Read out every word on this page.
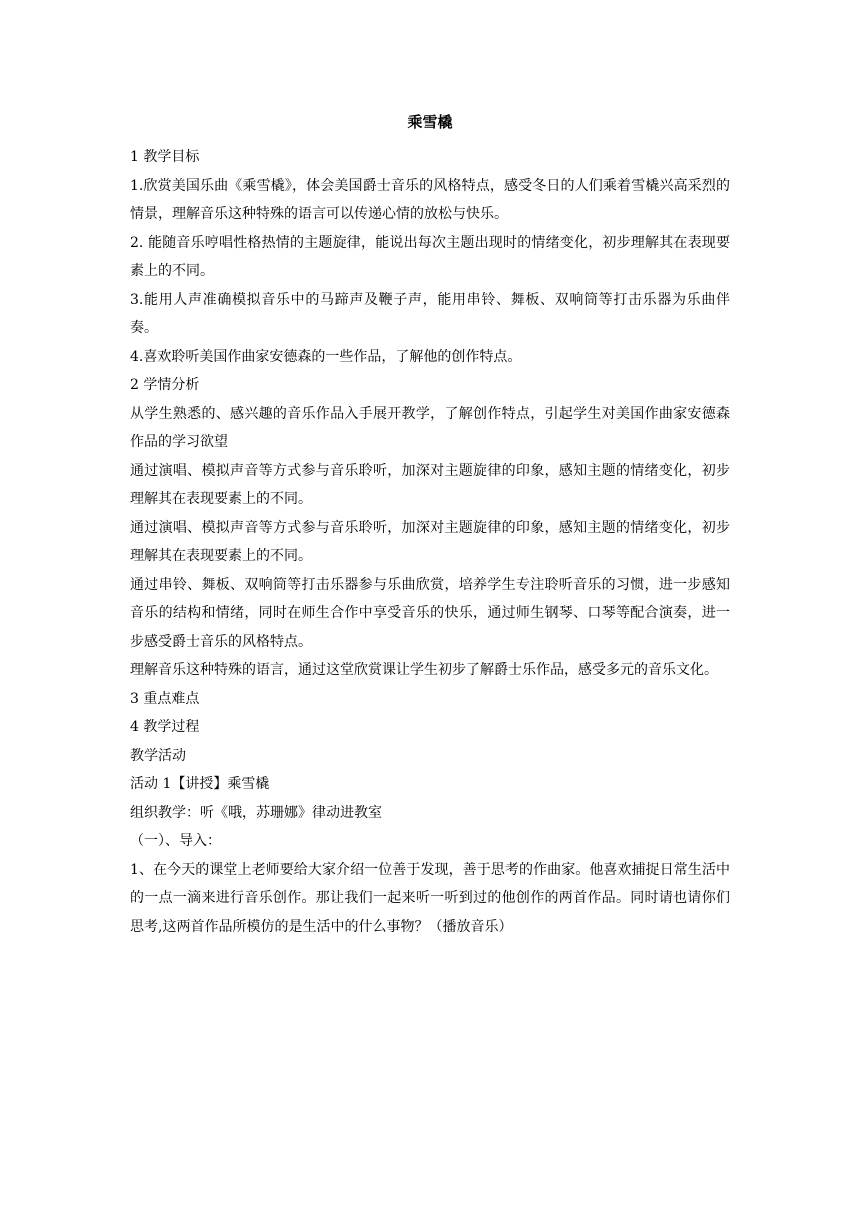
乘雪橇

1 教学目标

1.欣赏美国乐曲《乘雪橇》，体会美国爵士音乐的风格特点，感受冬日的人们乘着雪橇兴高采烈的情景，理解音乐这种特殊的语言可以传递心情的放松与快乐。

2. 能随音乐哼唱性格热情的主题旋律，能说出每次主题出现时的情绪变化，初步理解其在表现要素上的不同。

3.能用人声准确模拟音乐中的马蹄声及鞭子声，能用串铃、舞板、双响筒等打击乐器为乐曲伴奏。

4.喜欢聆听美国作曲家安德森的一些作品，了解他的创作特点。

2 学情分析

从学生熟悉的、感兴趣的音乐作品入手展开教学，了解创作特点，引起学生对美国作曲家安德森作品的学习欲望

通过演唱、模拟声音等方式参与音乐聆听，加深对主题旋律的印象，感知主题的情绪变化，初步理解其在表现要素上的不同。

通过演唱、模拟声音等方式参与音乐聆听，加深对主题旋律的印象，感知主题的情绪变化，初步理解其在表现要素上的不同。

通过串铃、舞板、双响筒等打击乐器参与乐曲欣赏，培养学生专注聆听音乐的习惯，进一步感知音乐的结构和情绪，同时在师生合作中享受音乐的快乐，通过师生钢琴、口琴等配合演奏，进一步感受爵士音乐的风格特点。

理解音乐这种特殊的语言，通过这堂欣赏课让学生初步了解爵士乐作品，感受多元的音乐文化。

3 重点难点

4 教学过程

教学活动

活动 1【讲授】乘雪橇

组织教学：听《哦，苏珊娜》律动进教室

（一）、导入：

1、在今天的课堂上老师要给大家介绍一位善于发现，善于思考的作曲家。他喜欢捕捉日常生活中的一点一滴来进行音乐创作。那让我们一起来听一听到过的他创作的两首作品。同时请也请你们思考,这两首作品所模仿的是生活中的什么事物？（播放音乐）
